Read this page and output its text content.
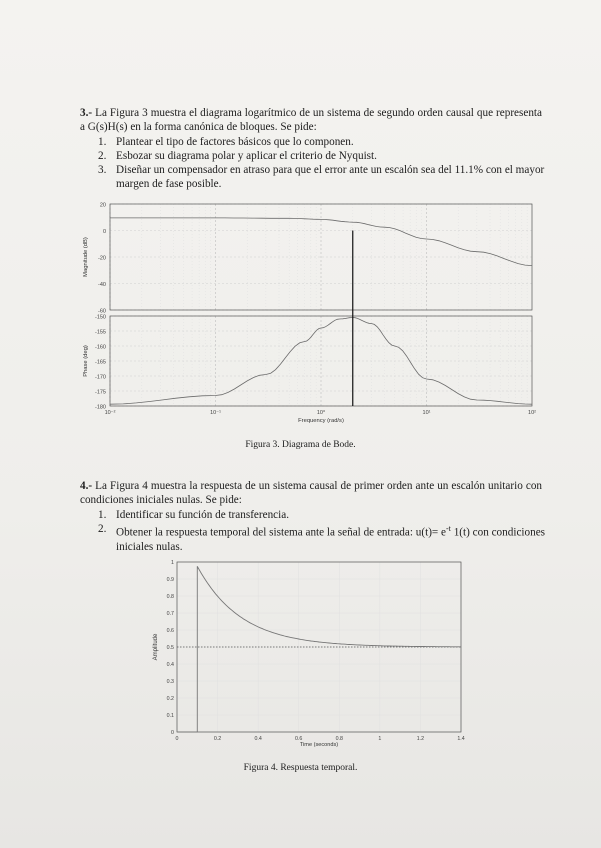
3.- La Figura 3 muestra el diagrama logarítmico de un sistema de segundo orden causal que representa a G(s)H(s) en la forma canónica de bloques. Se pide:
1. Plantear el tipo de factores básicos que lo componen.
2. Esbozar su diagrama polar y aplicar el criterio de Nyquist.
3. Diseñar un compensador en atraso para que el error ante un escalón sea del 11.1% con el mayor margen de fase posible.
20
0
-20
-40
-60
-150
-155
-160
-165
-170
-175
-180
10⁻²	10⁻¹	10⁰	10¹	10²
Frequency (rad/s)
Magnitude (dB)
Phase (deg)
Figura 3. Diagrama de Bode.
4.- La Figura 4 muestra la respuesta de un sistema causal de primer orden ante un escalón unitario con condiciones iniciales nulas. Se pide:
1. Identificar su función de transferencia.
2. Obtener la respuesta temporal del sistema ante la señal de entrada: $u(t)= e^{-t}$ 1(t) con condiciones iniciales nulas.
0
0.1
0.2
0.3
0.4
0.5
0.6
0.7
0.8
0.9
1
0	0.2	0.4	0.6	0.8	1	1.2	1.4
Time (seconds)
Amplitude
Figura 4. Respuesta temporal.
